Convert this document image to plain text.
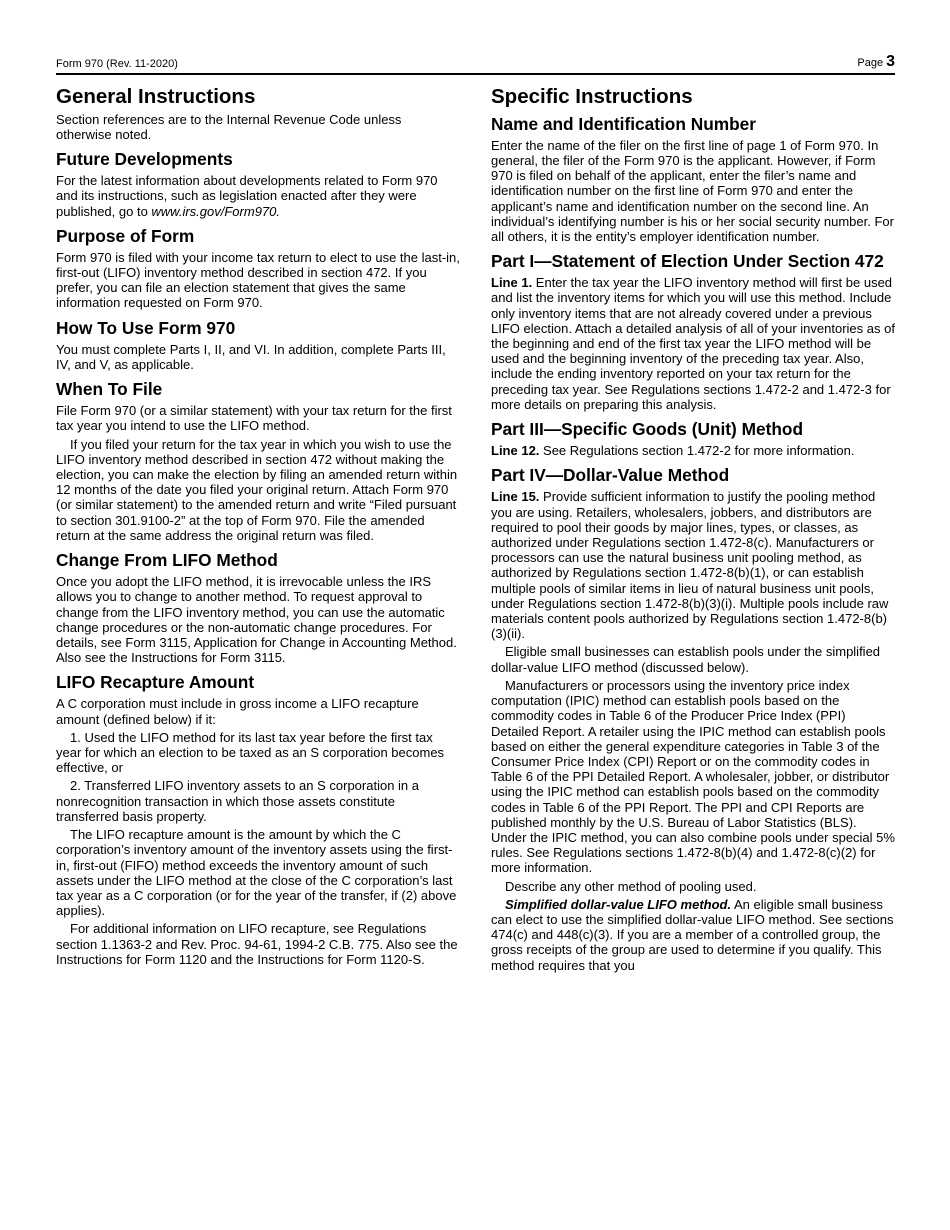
Form 970 (Rev. 11-2020)	Page 3
General Instructions

Section references are to the Internal Revenue Code unless otherwise noted.

Future Developments

For the latest information about developments related to Form 970 and its instructions, such as legislation enacted after they were published, go to www.irs.gov/Form970.

Purpose of Form

Form 970 is filed with your income tax return to elect to use the last-in, first-out (LIFO) inventory method described in section 472. If you prefer, you can file an election statement that gives the same information requested on Form 970.

How To Use Form 970

You must complete Parts I, II, and VI. In addition, complete Parts III, IV, and V, as applicable.

When To File

File Form 970 (or a similar statement) with your tax return for the first tax year you intend to use the LIFO method.

If you filed your return for the tax year in which you wish to use the LIFO inventory method described in section 472 without making the election, you can make the election by filing an amended return within 12 months of the date you filed your original return. Attach Form 970 (or similar statement) to the amended return and write “Filed pursuant to section 301.9100-2” at the top of Form 970. File the amended return at the same address the original return was filed.

Change From LIFO Method

Once you adopt the LIFO method, it is irrevocable unless the IRS allows you to change to another method. To request approval to change from the LIFO inventory method, you can use the automatic change procedures or the non-automatic change procedures. For details, see Form 3115, Application for Change in Accounting Method. Also see the Instructions for Form 3115.

LIFO Recapture Amount

A C corporation must include in gross income a LIFO recapture amount (defined below) if it:

1. Used the LIFO method for its last tax year before the first tax year for which an election to be taxed as an S corporation becomes effective, or

2. Transferred LIFO inventory assets to an S corporation in a nonrecognition transaction in which those assets constitute transferred basis property.

The LIFO recapture amount is the amount by which the C corporation’s inventory amount of the inventory assets using the first-in, first-out (FIFO) method exceeds the inventory amount of such assets under the LIFO method at the close of the C corporation’s last tax year as a C corporation (or for the year of the transfer, if (2) above applies).

For additional information on LIFO recapture, see Regulations section 1.1363-2 and Rev. Proc. 94-61, 1994-2 C.B. 775. Also see the Instructions for Form 1120 and the Instructions for Form 1120-S.

Specific Instructions
Name and Identification Number

Enter the name of the filer on the first line of page 1 of Form 970. In general, the filer of the Form 970 is the applicant. However, if Form 970 is filed on behalf of the applicant, enter the filer’s name and identification number on the first line of Form 970 and enter the applicant’s name and identification number on the second line. An individual’s identifying number is his or her social security number. For all others, it is the entity’s employer identification number.

Part I—Statement of Election Under Section 472

Line 1. Enter the tax year the LIFO inventory method will first be used and list the inventory items for which you will use this method. Include only inventory items that are not already covered under a previous LIFO election. Attach a detailed analysis of all of your inventories as of the beginning and end of the first tax year the LIFO method will be used and the beginning inventory of the preceding tax year. Also, include the ending inventory reported on your tax return for the preceding tax year. See Regulations sections 1.472-2 and 1.472-3 for more details on preparing this analysis.

Part III—Specific Goods (Unit) Method

Line 12. See Regulations section 1.472-2 for more information.

Part IV—Dollar-Value Method

Line 15. Provide sufficient information to justify the pooling method you are using. Retailers, wholesalers, jobbers, and distributors are required to pool their goods by major lines, types, or classes, as authorized under Regulations section 1.472-8(c). Manufacturers or processors can use the natural business unit pooling method, as authorized by Regulations section 1.472-8(b)(1), or can establish multiple pools of similar items in lieu of natural business unit pools, under Regulations section 1.472-8(b)(3)(i). Multiple pools include raw materials content pools authorized by Regulations section 1.472-8(b)(3)(ii).

Eligible small businesses can establish pools under the simplified dollar-value LIFO method (discussed below).

Manufacturers or processors using the inventory price index computation (IPIC) method can establish pools based on the commodity codes in Table 6 of the Producer Price Index (PPI) Detailed Report. A retailer using the IPIC method can establish pools based on either the general expenditure categories in Table 3 of the Consumer Price Index (CPI) Report or on the commodity codes in Table 6 of the PPI Detailed Report. A wholesaler, jobber, or distributor using the IPIC method can establish pools based on the commodity codes in Table 6 of the PPI Report. The PPI and CPI Reports are published monthly by the U.S. Bureau of Labor Statistics (BLS). Under the IPIC method, you can also combine pools under special 5% rules. See Regulations sections 1.472-8(b)(4) and 1.472-8(c)(2) for more information.

Describe any other method of pooling used.

Simplified dollar-value LIFO method. An eligible small business can elect to use the simplified dollar-value LIFO method. See sections 474(c) and 448(c)(3). If you are a member of a controlled group, the gross receipts of the group are used to determine if you qualify. This method requires that you
